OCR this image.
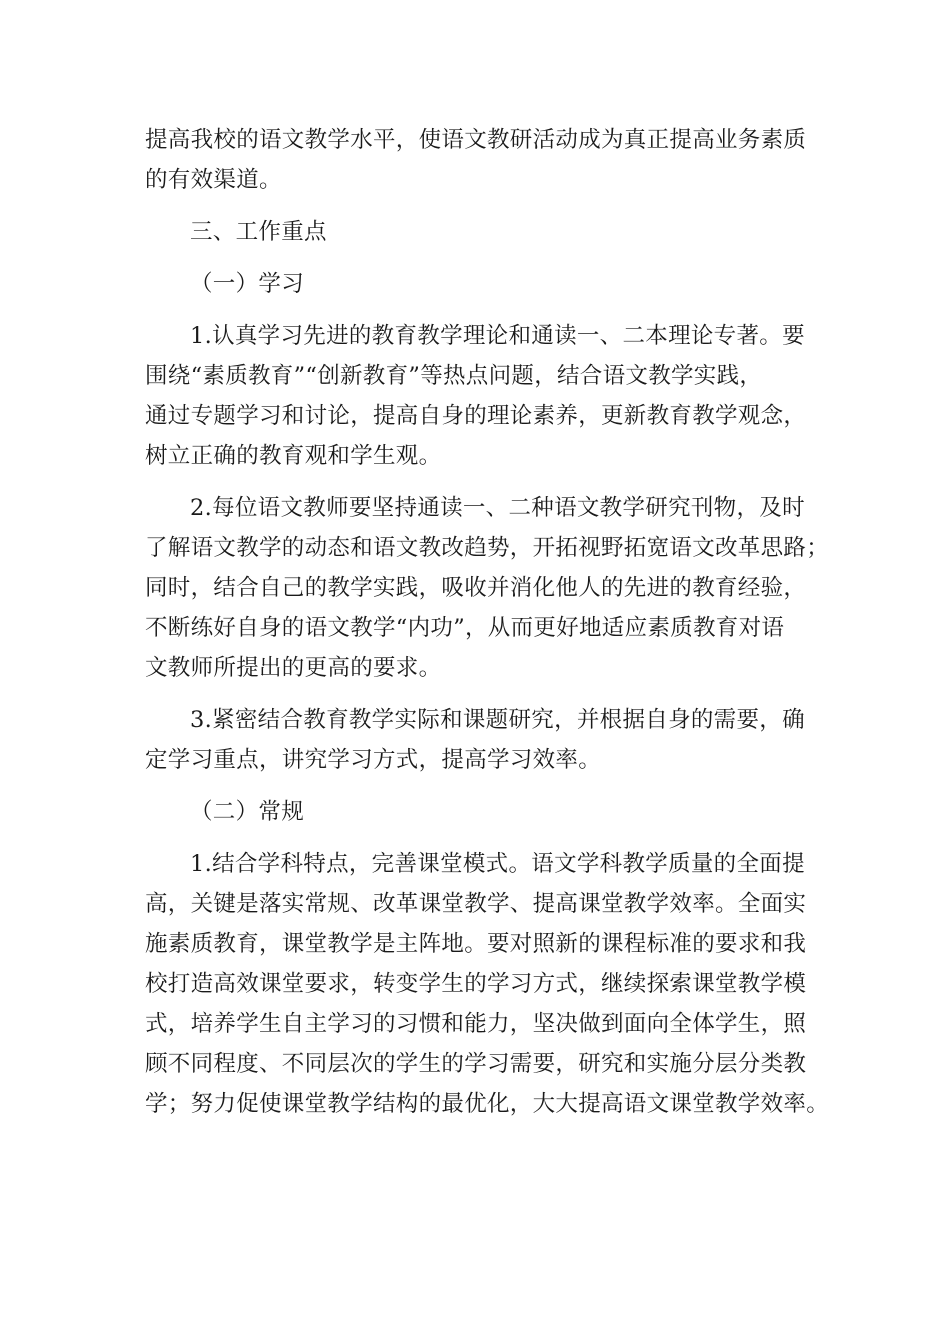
提高我校的语文教学水平，使语文教研活动成为真正提高业务素质
的有效渠道。
三、工作重点
（一）学习
1.认真学习先进的教育教学理论和通读一、二本理论专著。要
围绕“素质教育”“创新教育”等热点问题，结合语文教学实践，
通过专题学习和讨论，提高自身的理论素养，更新教育教学观念，
树立正确的教育观和学生观。
2.每位语文教师要坚持通读一、二种语文教学研究刊物，及时
了解语文教学的动态和语文教改趋势，开拓视野拓宽语文改革思路；
同时，结合自己的教学实践，吸收并消化他人的先进的教育经验，
不断练好自身的语文教学“内功”，从而更好地适应素质教育对语
文教师所提出的更高的要求。
3.紧密结合教育教学实际和课题研究，并根据自身的需要，确
定学习重点，讲究学习方式，提高学习效率。
（二）常规
1.结合学科特点，完善课堂模式。语文学科教学质量的全面提
高，关键是落实常规、改革课堂教学、提高课堂教学效率。全面实
施素质教育，课堂教学是主阵地。要对照新的课程标准的要求和我
校打造高效课堂要求，转变学生的学习方式，继续探索课堂教学模
式，培养学生自主学习的习惯和能力，坚决做到面向全体学生，照
顾不同程度、不同层次的学生的学习需要，研究和实施分层分类教
学；努力促使课堂教学结构的最优化，大大提高语文课堂教学效率。
